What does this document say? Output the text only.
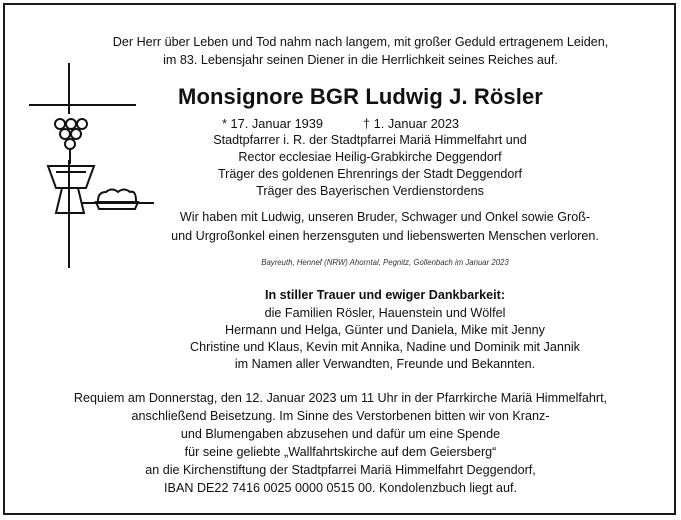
Der Herr über Leben und Tod nahm nach langem, mit großer Geduld ertragenem Leiden,
im 83. Lebensjahr seinen Diener in die Herrlichkeit seines Reiches auf.
Monsignore BGR Ludwig J. Rösler
* 17. Januar 1939	† 1. Januar 2023
Stadtpfarrer i. R. der Stadtpfarrei Mariä Himmelfahrt und
Rector ecclesiae Heilig-Grabkirche Deggendorf
Träger des goldenen Ehrenrings der Stadt Deggendorf
Träger des Bayerischen Verdienstordens
Wir haben mit Ludwig, unseren Bruder, Schwager und Onkel sowie Groß-
und Urgroßonkel einen herzensguten und liebenswerten Menschen verloren.
Bayreuth, Hennef (NRW) Ahorntal, Pegnitz, Gollenbach im Januar 2023
In stiller Trauer und ewiger Dankbarkeit:
die Familien Rösler, Hauenstein und Wölfel
Hermann und Helga, Günter und Daniela, Mike mit Jenny
Christine und Klaus, Kevin mit Annika, Nadine und Dominik mit Jannik
im Namen aller Verwandten, Freunde und Bekannten.
Requiem am Donnerstag, den 12. Januar 2023 um 11 Uhr in der Pfarrkirche Mariä Himmelfahrt,
anschließend Beisetzung. Im Sinne des Verstorbenen bitten wir von Kranz-
und Blumengaben abzusehen und dafür um eine Spende
für seine geliebte „Wallfahrtskirche auf dem Geiersberg“
an die Kirchenstiftung der Stadtpfarrei Mariä Himmelfahrt Deggendorf,
IBAN DE22 7416 0025 0000 0515 00. Kondolenzbuch liegt auf.
